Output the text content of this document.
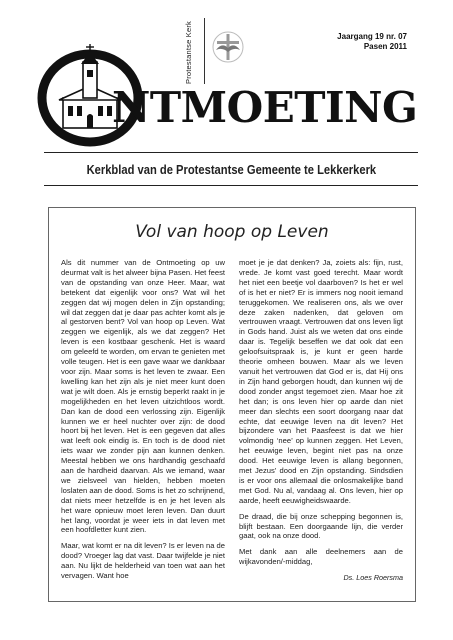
Protestantse Kerk	Jaargang 19 nr. 07
Pasen 2011
NTMOETING
Kerkblad van de Protestantse Gemeente te Lekkerkerk
Vol van hoop op Leven

Als dit nummer van de Ontmoeting op uw deurmat valt is het alweer bijna Pasen. Het feest van de opstanding van onze Heer. Maar, wat betekent dat eigenlijk voor ons? Wat wil het zeggen dat wij mogen delen in Zijn opstanding; wil dat zeggen dat je daar pas achter komt als je al gestorven bent? Vol van hoop op Leven. Wat zeggen we eigenlijk, als we dat zeggen? Het leven is een kostbaar geschenk. Het is waard om geleefd te worden, om ervan te genieten met volle teugen. Het is een gave waar we dankbaar voor zijn. Maar soms is het leven te zwaar. Een kwelling kan het zijn als je niet meer kunt doen wat je wilt doen. Als je ernstig beperkt raakt in je mogelijkheden en het leven uitzichtloos wordt. Dan kan de dood een verlossing zijn. Eigenlijk kunnen we er heel nuchter over zijn: de dood hoort bij het leven. Het is een gegeven dat alles wat leeft ook eindig is. En toch is de dood niet iets waar we zonder pijn aan kunnen denken. Meestal hebben we ons hardhandig geschaafd aan de hardheid daarvan. Als we iemand, waar we zielsveel van hielden, hebben moeten loslaten aan de dood. Soms is het zo schrijnend, dat niets meer hetzelfde is en je het leven als het ware opnieuw moet leren leven. Dan duurt het lang, voordat je weer iets in dat leven met een hoofdletter kunt zien.

Maar, wat komt er na dit leven? Is er leven na de dood? Vroeger lag dat vast. Daar twijfelde je niet aan. Nu lijkt de helderheid van toen wat aan het vervagen. Want hoe

moet je je dat denken? Ja, zoiets als: fijn, rust, vrede. Je komt vast goed terecht. Maar wordt het niet een beetje vol daarboven? Is het er wel of is het er niet? Er is immers nog nooit iemand teruggekomen. We realiseren ons, als we over deze zaken nadenken, dat geloven om vertrouwen vraagt. Vertrouwen dat ons leven ligt in Gods hand. Juist als we weten dat ons einde daar is. Tegelijk beseffen we dat ook dat een geloofsuitspraak is, je kunt er geen harde theorie omheen bouwen. Maar als we leven vanuit het vertrouwen dat God er is, dat Hij ons in Zijn hand geborgen houdt, dan kunnen wij de dood zonder angst tegemoet zien. Maar hoe zit het dan; is ons leven hier op aarde dan niet meer dan slechts een soort doorgang naar dat echte, dat eeuwige leven na dit leven? Het bijzondere van het Paasfeest is dat we hier volmondig ‘nee’ op kunnen zeggen. Het Leven, het eeuwige leven, begint niet pas na onze dood. Het eeuwige leven is allang begonnen, met Jezus’ dood en Zijn opstanding. Sindsdien is er voor ons allemaal die onlosmakelijke band met God. Nu al, vandaag al. Ons leven, hier op aarde, heeft eeuwigheidswaarde.

De draad, die bij onze schepping begonnen is, blijft bestaan. Een doorgaande lijn, die verder gaat, ook na onze dood.

Met dank aan alle deelnemers aan de wijkavonden/-middag,

Ds. Loes Roersma
